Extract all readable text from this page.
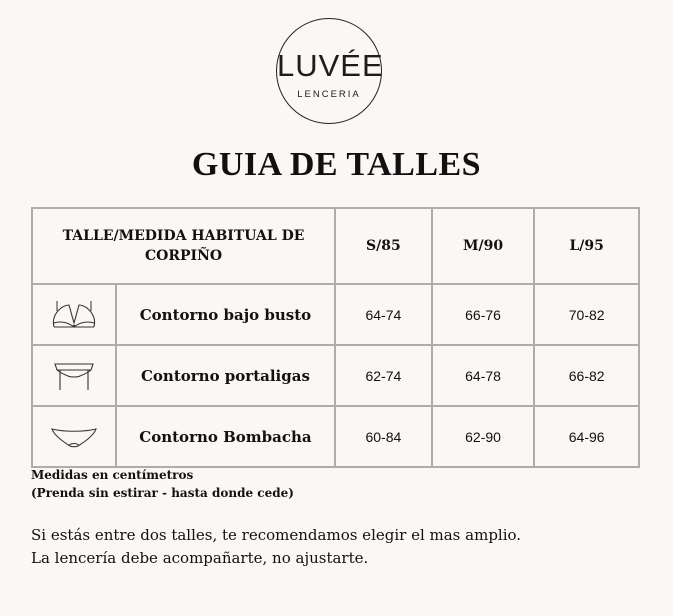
LUVÉE
LENCERIA
GUIA DE TALLES
TALLE/MEDIDA HABITUAL DE CORPIÑO		S/85	M/90	L/95

	Contorno bajo busto	64-74	66-76	70-82

	Contorno portaligas	62-74	64-78	66-82

	Contorno Bombacha	60-84	62-90	64-96

Medidas en centímetros
(Prenda sin estirar - hasta donde cede)

Si estás entre dos talles, te recomendamos elegir el mas amplio.
La lencería debe acompañarte, no ajustarte.
